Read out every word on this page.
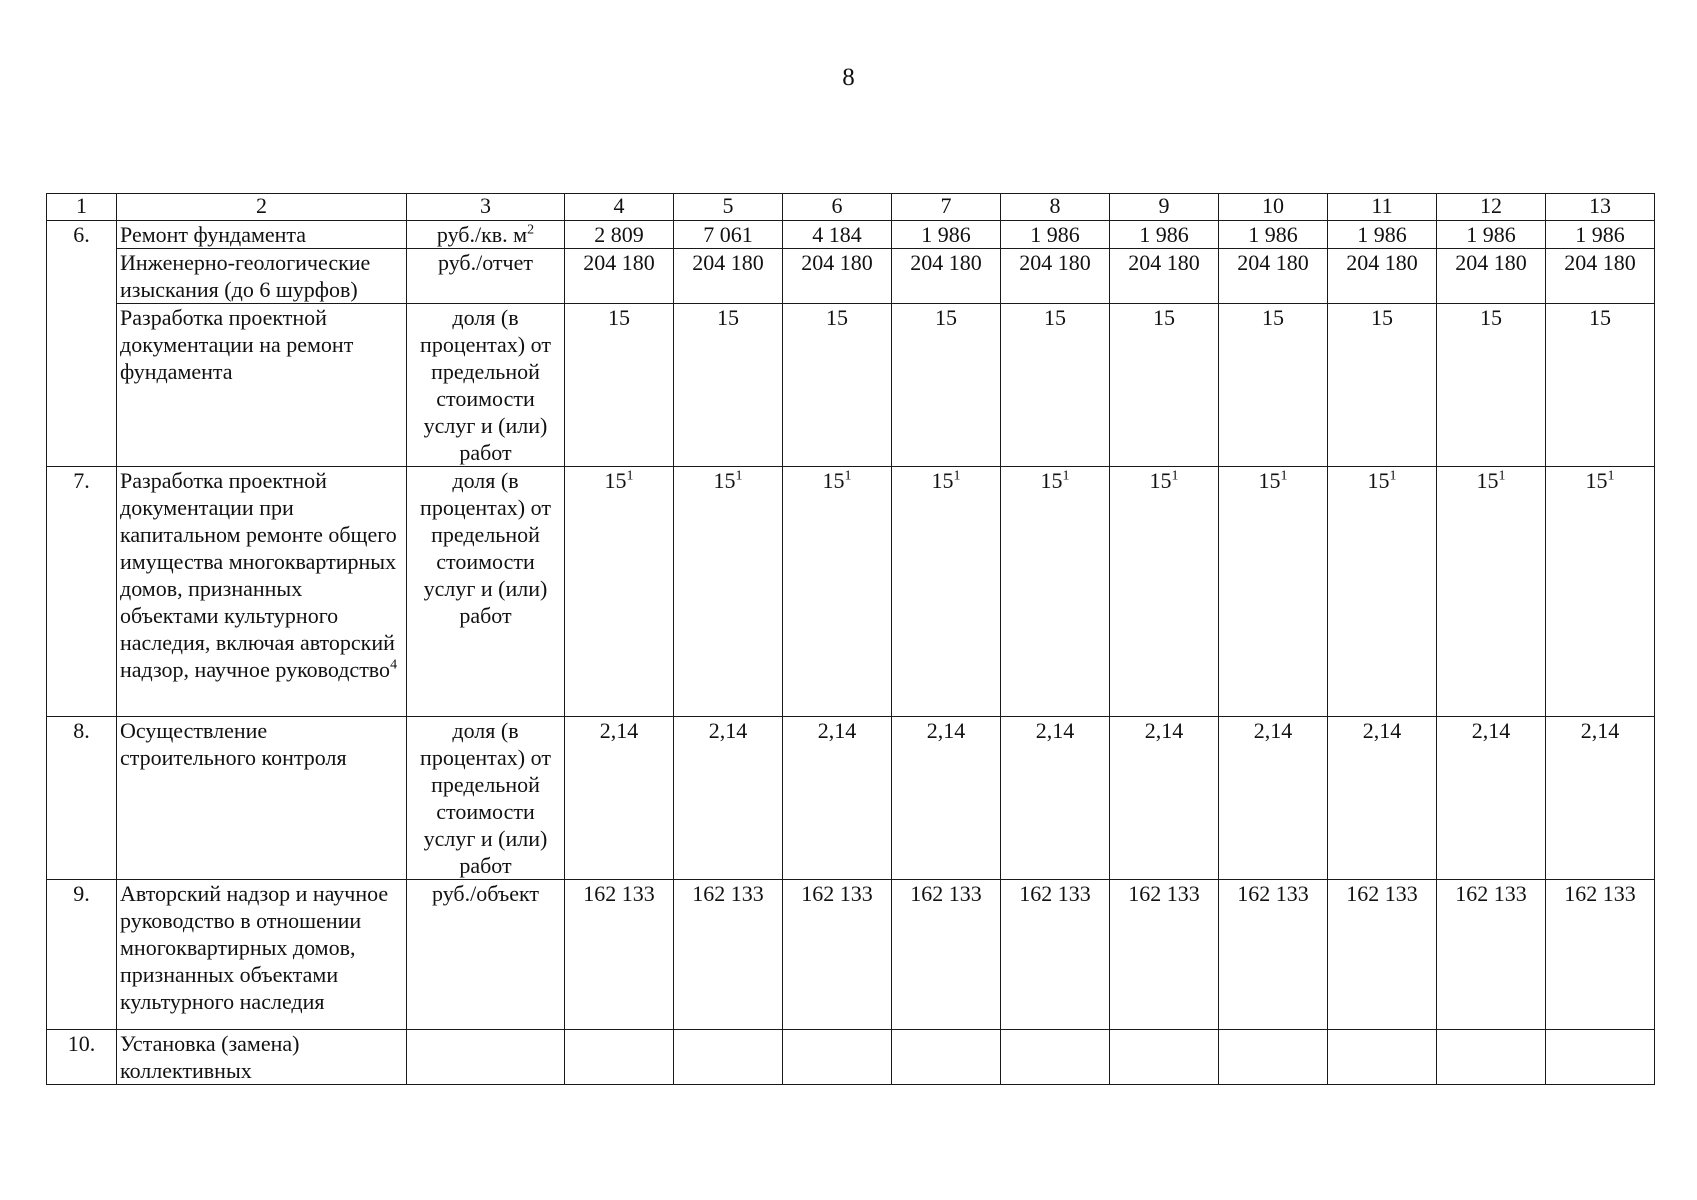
8
1	2	3	4	5	6	7	8	9	10	11	12	13
6.	Ремонт фундамента	руб./кв. $м^2$	2 809	7 061	4 184	1 986	1 986	1 986	1 986	1 986	1 986	1 986
	Инженерно-геологические изыскания (до 6 шурфов)	руб./отчет	204 180	204 180	204 180	204 180	204 180	204 180	204 180	204 180	204 180	204 180
	Разработка проектной документации на ремонт фундамента	доля (в процентах) от предельной стоимости услуг и (или) работ	15	15	15	15	15	15	15	15	15	15
7.	Разработка проектной документации при капитальном ремонте общего имущества многоквартирных домов, признанных объектами культурного наследия, включая авторский надзор, научное руководство$^4$	доля (в процентах) от предельной стоимости услуг и (или) работ	$15^1$	$15^1$	$15^1$	$15^1$	$15^1$	$15^1$	$15^1$	$15^1$	$15^1$	$15^1$
8.	Осуществление строительного контроля	доля (в процентах) от предельной стоимости услуг и (или) работ	2,14	2,14	2,14	2,14	2,14	2,14	2,14	2,14	2,14	2,14
9.	Авторский надзор и научное руководство в отношении многоквартирных домов, признанных объектами культурного наследия	руб./объект	162 133	162 133	162 133	162 133	162 133	162 133	162 133	162 133	162 133	162 133
10.	Установка (замена) коллективных											
